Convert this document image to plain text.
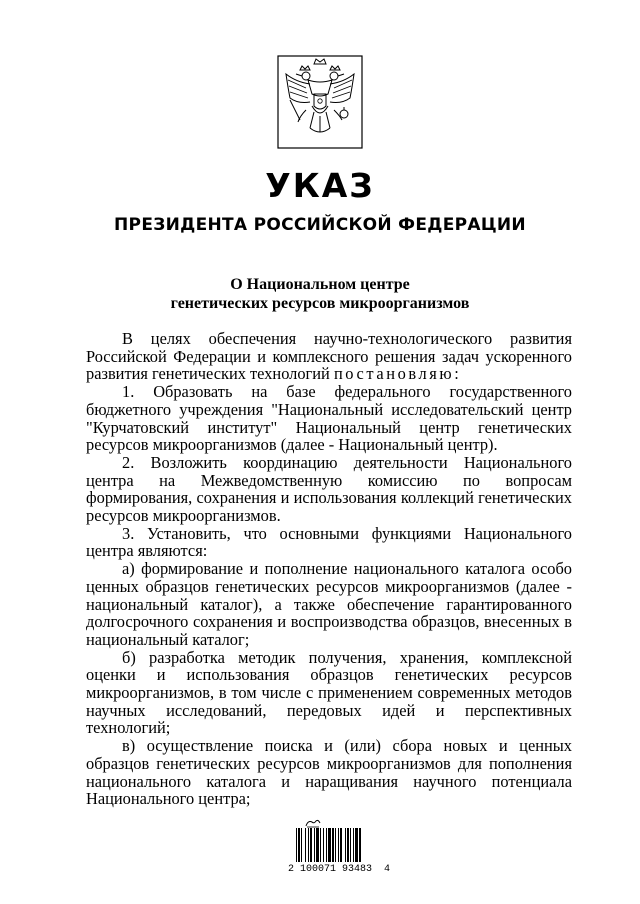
УКАЗ
ПРЕЗИДЕНТА РОССИЙСКОЙ ФЕДЕРАЦИИ
О Национальном центре
генетических ресурсов микроорганизмов

В целях обеспечения научно-технологического развития Российской Федерации и комплексного решения задач ускоренного развития генетических технологий постановляю:

1. Образовать на базе федерального государственного бюджетного учреждения "Национальный исследовательский центр "Курчатовский институт" Национальный центр генетических ресурсов микроорганизмов (далее - Национальный центр).

2. Возложить координацию деятельности Национального центра на Межведомственную комиссию по вопросам формирования, сохранения и использования коллекций генетических ресурсов микроорганизмов.

3. Установить, что основными функциями Национального центра являются:

а) формирование и пополнение национального каталога особо ценных образцов генетических ресурсов микроорганизмов (далее - национальный каталог), а также обеспечение гарантированного долгосрочного сохранения и воспроизводства образцов, внесенных в национальный каталог;

б) разработка методик получения, хранения, комплексной оценки и использования образцов генетических ресурсов микроорганизмов, в том числе с применением современных методов научных исследований, передовых идей и перспективных технологий;

в) осуществление поиска и (или) сбора новых и ценных образцов генетических ресурсов микроорганизмов для пополнения национального каталога и наращивания научного потенциала Национального центра;

2 100071 93483  4
